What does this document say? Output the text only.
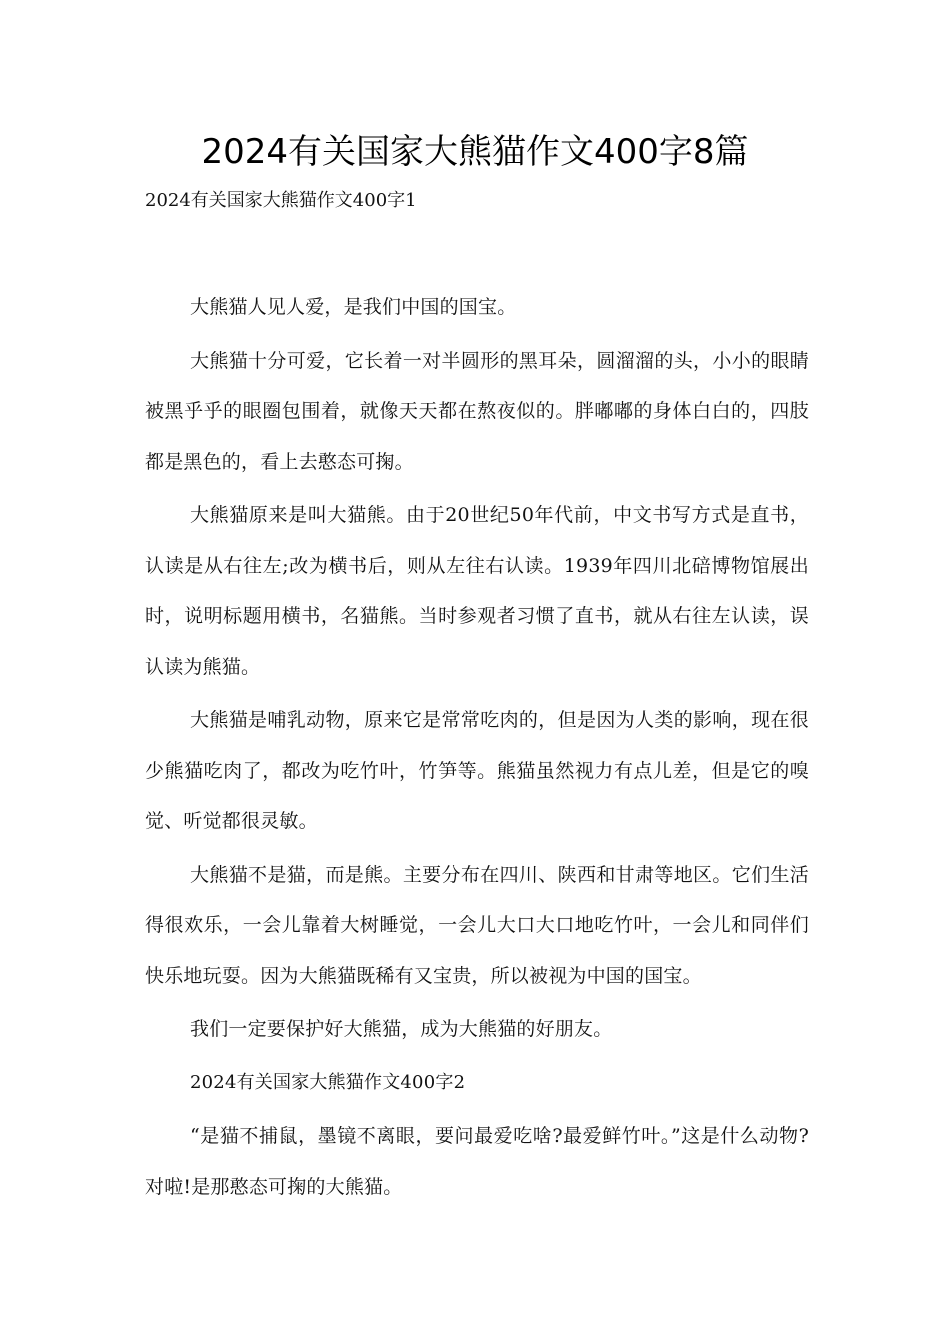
2024有关国家大熊猫作文400字8篇

2024有关国家大熊猫作文400字1

大熊猫人见人爱，是我们中国的国宝。

大熊猫十分可爱，它长着一对半圆形的黑耳朵，圆溜溜的头，小小的眼睛被黑乎乎的眼圈包围着，就像天天都在熬夜似的。胖嘟嘟的身体白白的，四肢都是黑色的，看上去憨态可掬。

大熊猫原来是叫大猫熊。由于20世纪50年代前，中文书写方式是直书，认读是从右往左;改为横书后，则从左往右认读。1939年四川北碚博物馆展出时，说明标题用横书，名猫熊。当时参观者习惯了直书，就从右往左认读，误认读为熊猫。

大熊猫是哺乳动物，原来它是常常吃肉的，但是因为人类的影响，现在很少熊猫吃肉了，都改为吃竹叶，竹笋等。熊猫虽然视力有点儿差，但是它的嗅觉、听觉都很灵敏。

大熊猫不是猫，而是熊。主要分布在四川、陕西和甘肃等地区。它们生活得很欢乐，一会儿靠着大树睡觉，一会儿大口大口地吃竹叶，一会儿和同伴们快乐地玩耍。因为大熊猫既稀有又宝贵，所以被视为中国的国宝。

我们一定要保护好大熊猫，成为大熊猫的好朋友。

2024有关国家大熊猫作文400字2

“是猫不捕鼠，墨镜不离眼，要问最爱吃啥?最爱鲜竹叶。”这是什么动物?对啦!是那憨态可掬的大熊猫。
